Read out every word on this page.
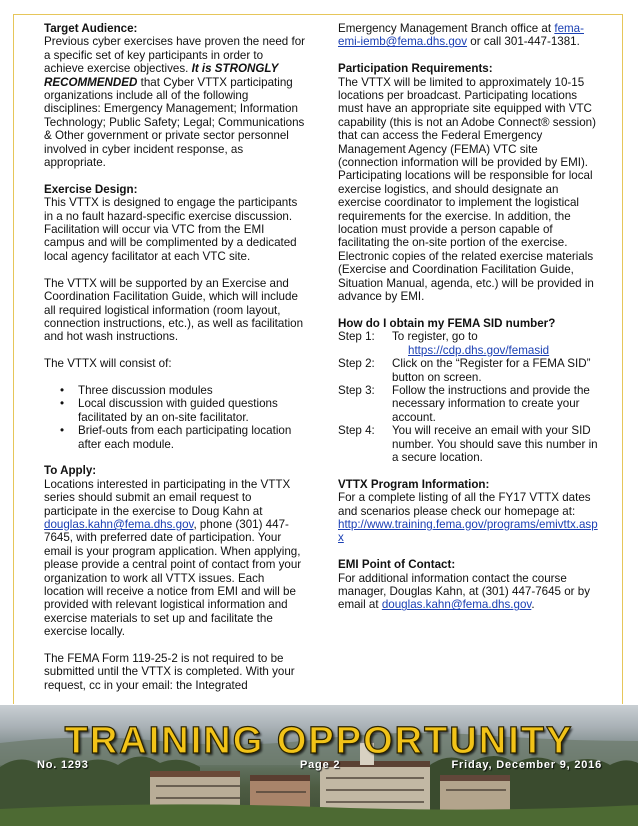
Target Audience:

Previous cyber exercises have proven the need for a specific set of key participants in order to achieve exercise objectives. It is STRONGLY RECOMMENDED that Cyber VTTX participating organizations include all of the following disciplines: Emergency Management; Information Technology; Public Safety; Legal; Communications & Other government or private sector personnel involved in cyber incident response, as appropriate.

Exercise Design:

This VTTX is designed to engage the participants in a no fault hazard-specific exercise discussion. Facilitation will occur via VTC from the EMI campus and will be complimented by a dedicated local agency facilitator at each VTC site.

The VTTX will be supported by an Exercise and Coordination Facilitation Guide, which will include all required logistical information (room layout, connection instructions, etc.), as well as facilitation and hot wash instructions.

The VTTX will consist of:

• Three discussion modules
• Local discussion with guided questions facilitated by an on-site facilitator.
• Brief-outs from each participating location after each module.

To Apply:

Locations interested in participating in the VTTX series should submit an email request to participate in the exercise to Doug Kahn at douglas.kahn@fema.dhs.gov, phone (301) 447-7645, with preferred date of participation. Your email is your program application. When applying, please provide a central point of contact from your organization to work all VTTX issues. Each location will receive a notice from EMI and will be provided with relevant logistical information and exercise materials to set up and facilitate the exercise locally.

The FEMA Form 119-25-2 is not required to be submitted until the VTTX is completed. With your request, cc in your email: the Integrated

Emergency Management Branch office at fema-emi-iemb@fema.dhs.gov or call 301-447-1381.

Participation Requirements:

The VTTX will be limited to approximately 10-15 locations per broadcast. Participating locations must have an appropriate site equipped with VTC capability (this is not an Adobe Connect® session) that can access the Federal Emergency Management Agency (FEMA) VTC site (connection information will be provided by EMI). Participating locations will be responsible for local exercise logistics, and should designate an exercise coordinator to implement the logistical requirements for the exercise. In addition, the location must provide a person capable of facilitating the on-site portion of the exercise. Electronic copies of the related exercise materials (Exercise and Coordination Facilitation Guide, Situation Manual, agenda, etc.) will be provided in advance by EMI.

How do I obtain my FEMA SID number?

Step 1:	To register, go to

https://cdp.dhs.gov/femasid

Step 2:	Click on the “Register for a FEMA SID” button on screen.
Step 3:	Follow the instructions and provide the necessary information to create your account.
Step 4:	You will receive an email with your SID number. You should save this number in a secure location.

VTTX Program Information:

For a complete listing of all the FY17 VTTX dates and scenarios please check our homepage at:

http://www.training.fema.gov/programs/emivttx.aspx

EMI Point of Contact:

For additional information contact the course manager, Douglas Kahn, at (301) 447-7645 or by email at douglas.kahn@fema.dhs.gov.

TRAINING OPPORTUNITY
No. 1293	Page 2	Friday, December 9, 2016
